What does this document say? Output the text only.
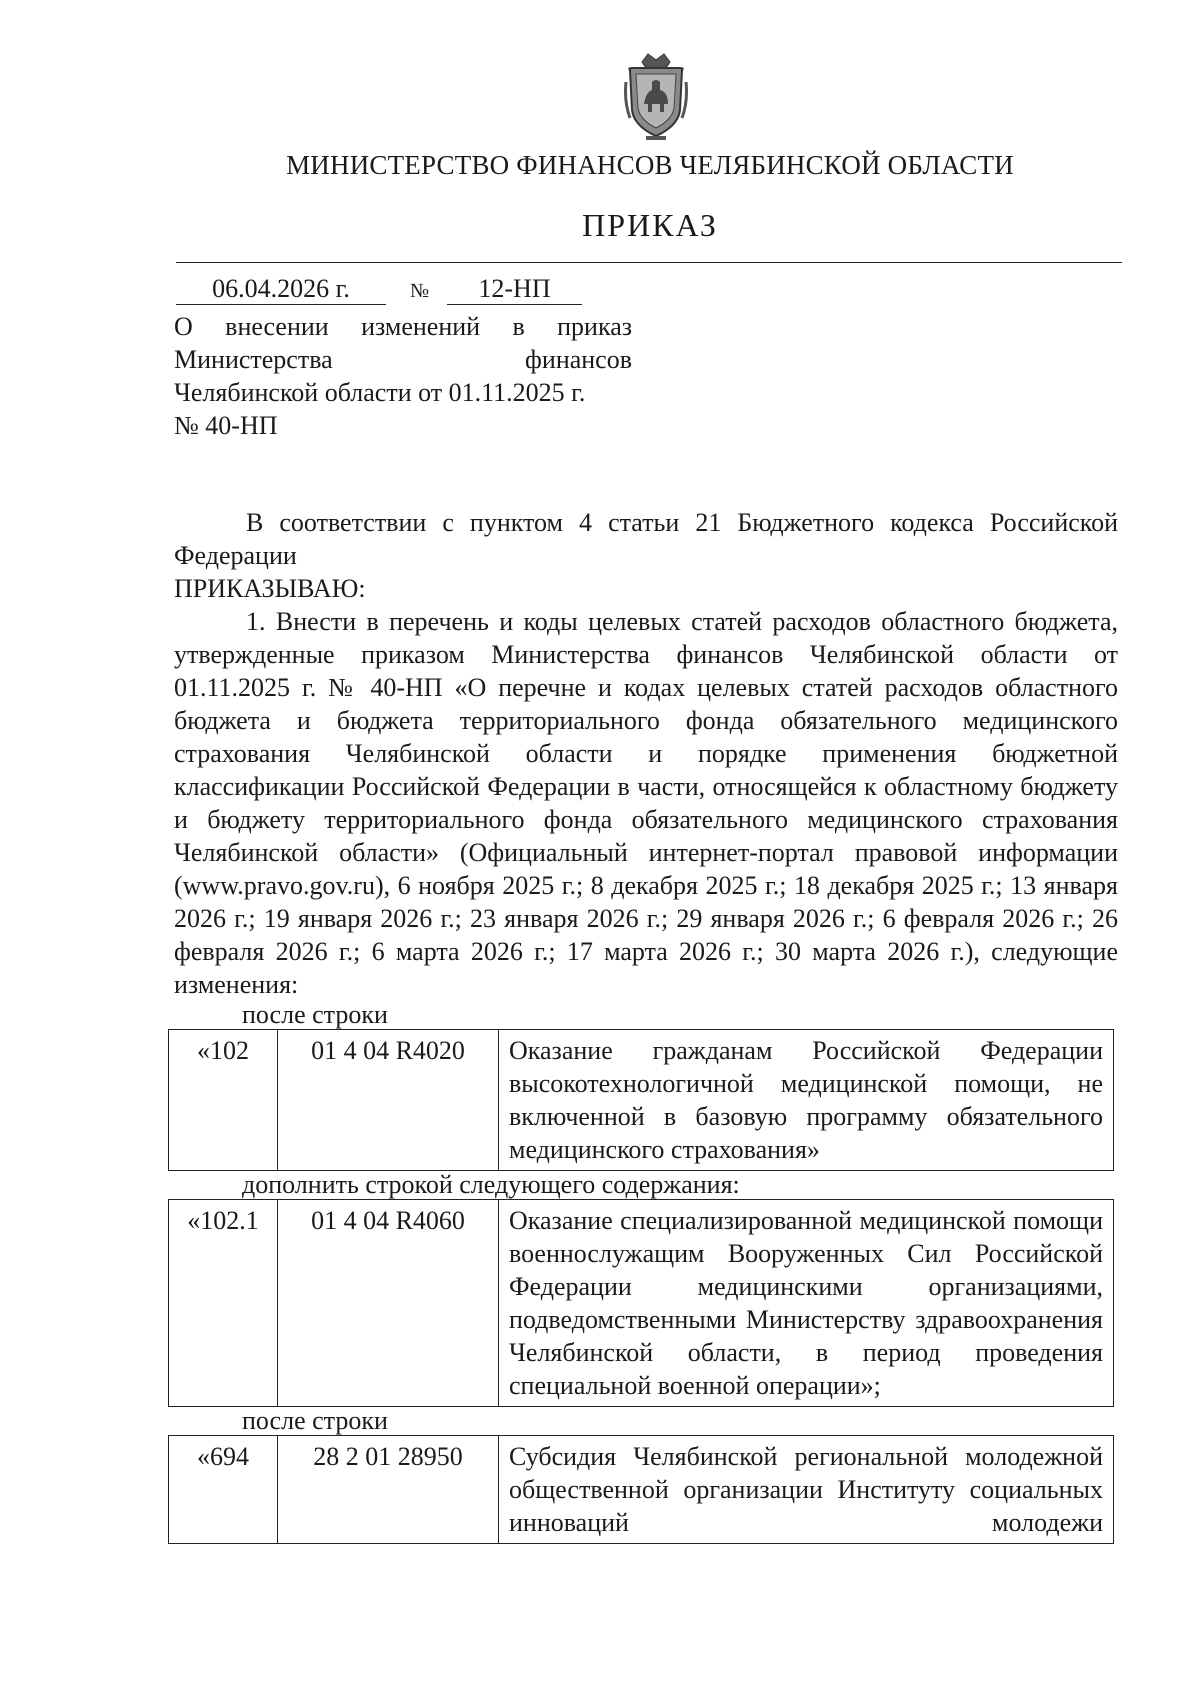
МИНИСТЕРСТВО ФИНАНСОВ ЧЕЛЯБИНСКОЙ ОБЛАСТИ
ПРИКАЗ
06.04.2026 г.	№ 12-НП
О внесении изменений в приказ
Министерства финансов
Челябинской области от 01.11.2025 г.
№ 40-НП

В соответствии с пунктом 4 статьи 21 Бюджетного кодекса Российской Федерации

ПРИКАЗЫВАЮ:

1. Внести в перечень и коды целевых статей расходов областного бюджета, утвержденные приказом Министерства финансов Челябинской области от 01.11.2025 г. № 40-НП «О перечне и кодах целевых статей расходов областного бюджета и бюджета территориального фонда обязательного медицинского страхования Челябинской области и порядке применения бюджетной классификации Российской Федерации в части, относящейся к областному бюджету и бюджету территориального фонда обязательного медицинского страхования Челябинской области» (Официальный интернет-портал правовой информации (www.pravo.gov.ru), 6 ноября 2025 г.; 8 декабря 2025 г.; 18 декабря 2025 г.; 13 января 2026 г.; 19 января 2026 г.; 23 января 2026 г.; 29 января 2026 г.; 6 февраля 2026 г.; 26 февраля 2026 г.; 6 марта 2026 г.; 17 марта 2026 г.; 30 марта 2026 г.), следующие изменения:

после строки

«102	01 4 04 R4020	Оказание гражданам Российской Федерации высокотехнологичной медицинской помощи, не включенной в базовую программу обязательного медицинского страхования»

дополнить строкой следующего содержания:

«102.1	01 4 04 R4060	Оказание специализированной медицинской помощи военнослужащим Вооруженных Сил Российской Федерации медицинскими организациями, подведомственными Министерству здравоохранения Челябинской области, в период проведения специальной военной операции»;

после строки

«694	28 2 01 28950	Субсидия Челябинской региональной молодежной общественной организации Институту социальных инноваций молодежи
